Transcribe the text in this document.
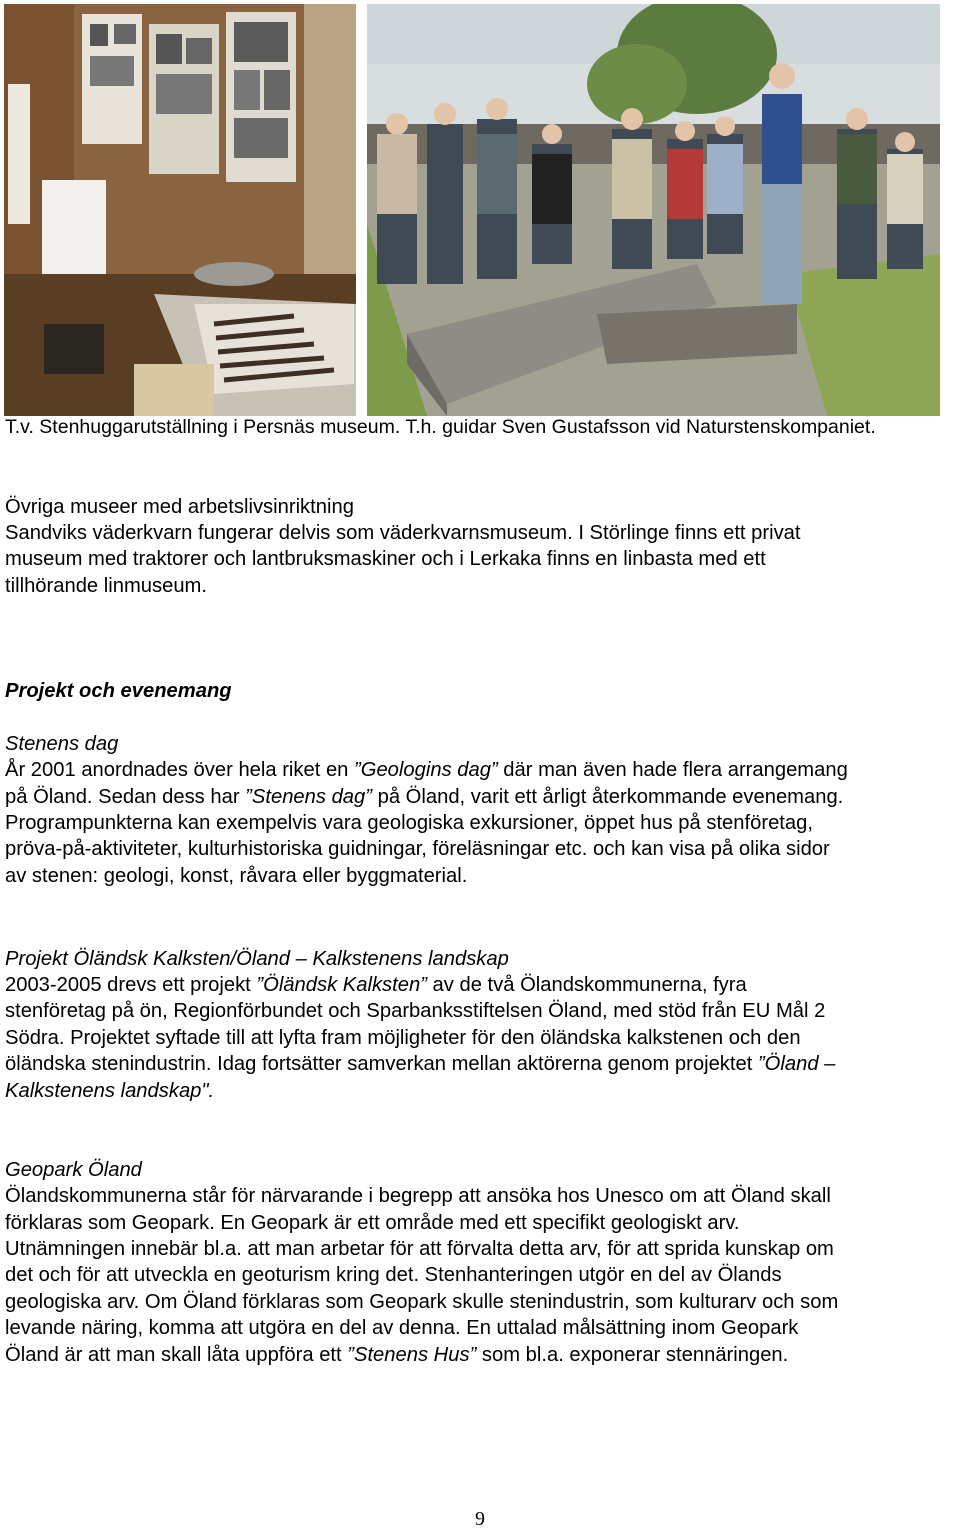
T.v. Stenhuggarutställning i Persnäs museum. T.h. guidar Sven Gustafsson vid Naturstenskompaniet.

Övriga museer med arbetslivsinriktning

Sandviks väderkvarn fungerar delvis som väderkvarnsmuseum. I Störlinge finns ett privat

museum med traktorer och lantbruksmaskiner och i Lerkaka finns en linbasta med ett

tillhörande linmuseum.

Projekt och evenemang

Stenens dag

År 2001 anordnades över hela riket en ”Geologins dag” där man även hade flera arrangemang

på Öland. Sedan dess har ”Stenens dag” på Öland, varit ett årligt återkommande evenemang.

Programpunkterna kan exempelvis vara geologiska exkursioner, öppet hus på stenföretag,

pröva-på-aktiviteter, kulturhistoriska guidningar, föreläsningar etc. och kan visa på olika sidor

av stenen: geologi, konst, råvara eller byggmaterial.

Projekt Öländsk Kalksten/Öland – Kalkstenens landskap

2003-2005 drevs ett projekt ”Öländsk Kalksten” av de två Ölandskommunerna, fyra

stenföretag på ön, Regionförbundet och Sparbanksstiftelsen Öland, med stöd från EU Mål 2

Södra. Projektet syftade till att lyfta fram möjligheter för den öländska kalkstenen och den

öländska stenindustrin. Idag fortsätter samverkan mellan aktörerna genom projektet ”Öland –

Kalkstenens landskap".

Geopark Öland

Ölandskommunerna står för närvarande i begrepp att ansöka hos Unesco om att Öland skall

förklaras som Geopark. En Geopark är ett område med ett specifikt geologiskt arv.

Utnämningen innebär bl.a. att man arbetar för att förvalta detta arv, för att sprida kunskap om

det och för att utveckla en geoturism kring det. Stenhanteringen utgör en del av Ölands

geologiska arv. Om Öland förklaras som Geopark skulle stenindustrin, som kulturarv och som

levande näring, komma att utgöra en del av denna. En uttalad målsättning inom Geopark

Öland är att man skall låta uppföra ett ”Stenens Hus” som bl.a. exponerar stennäringen.

9
